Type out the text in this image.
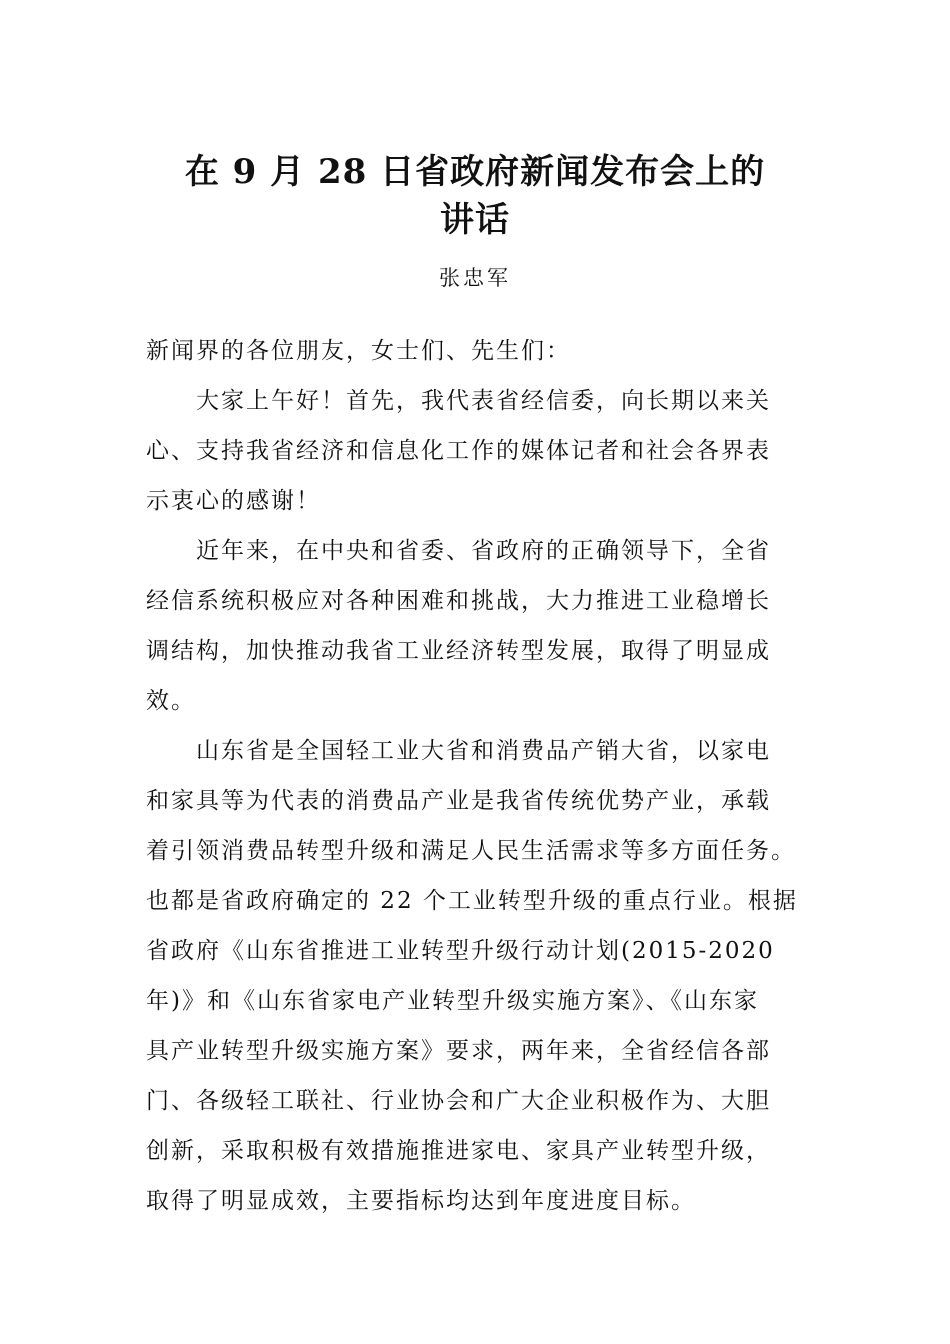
在 9 月 28 日省政府新闻发布会上的
讲话
张忠军
新闻界的各位朋友，女士们、先生们：
大家上午好！首先，我代表省经信委，向长期以来关
心、支持我省经济和信息化工作的媒体记者和社会各界表
示衷心的感谢！
近年来，在中央和省委、省政府的正确领导下，全省
经信系统积极应对各种困难和挑战，大力推进工业稳增长
调结构，加快推动我省工业经济转型发展，取得了明显成
效。
山东省是全国轻工业大省和消费品产销大省，以家电
和家具等为代表的消费品产业是我省传统优势产业，承载
着引领消费品转型升级和满足人民生活需求等多方面任务。
也都是省政府确定的 22 个工业转型升级的重点行业。根据
省政府《山东省推进工业转型升级行动计划(2015-2020
年)》和《山东省家电产业转型升级实施方案》、《山东家
具产业转型升级实施方案》要求，两年来，全省经信各部
门、各级轻工联社、行业协会和广大企业积极作为、大胆
创新，采取积极有效措施推进家电、家具产业转型升级，
取得了明显成效，主要指标均达到年度进度目标。
